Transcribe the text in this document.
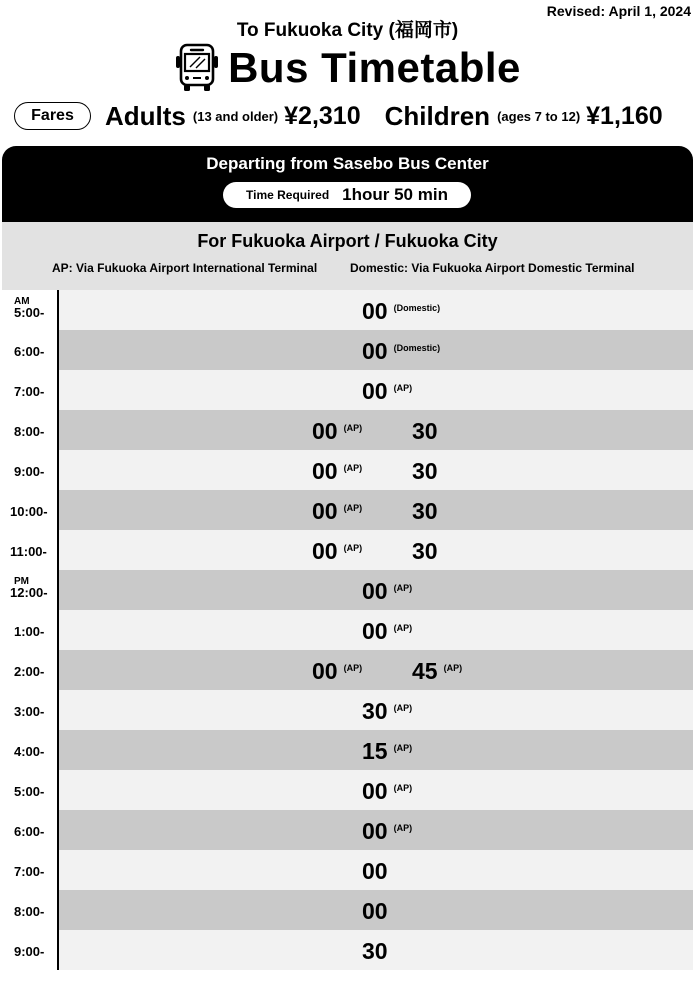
Revised: April 1, 2024
To Fukuoka City (福岡市)
Bus Timetable
Fares	Adults (13 and older) ¥2,310 Children (ages 7 to 12) ¥1,160
Departing from Sasebo Bus Center
Time Required 1hour 50 min
For Fukuoka Airport / Fukuoka City
AP: Via Fukuoka Airport International Terminal	Domestic: Via Fukuoka Airport Domestic Terminal
AM
5:00-	00 (Domestic)
6:00-	00 (Domestic)
7:00-	00 (AP)
8:00-	00 (AP) 30
9:00-	00 (AP) 30
10:00-	00 (AP) 30
11:00-	00 (AP) 30
PM
12:00-	00 (AP)
1:00-	00 (AP)
2:00-	00 (AP) 45 (AP)
3:00-	30 (AP)
4:00-	15 (AP)
5:00-	00 (AP)
6:00-	00 (AP)
7:00-	00
8:00-	00
9:00-	30
